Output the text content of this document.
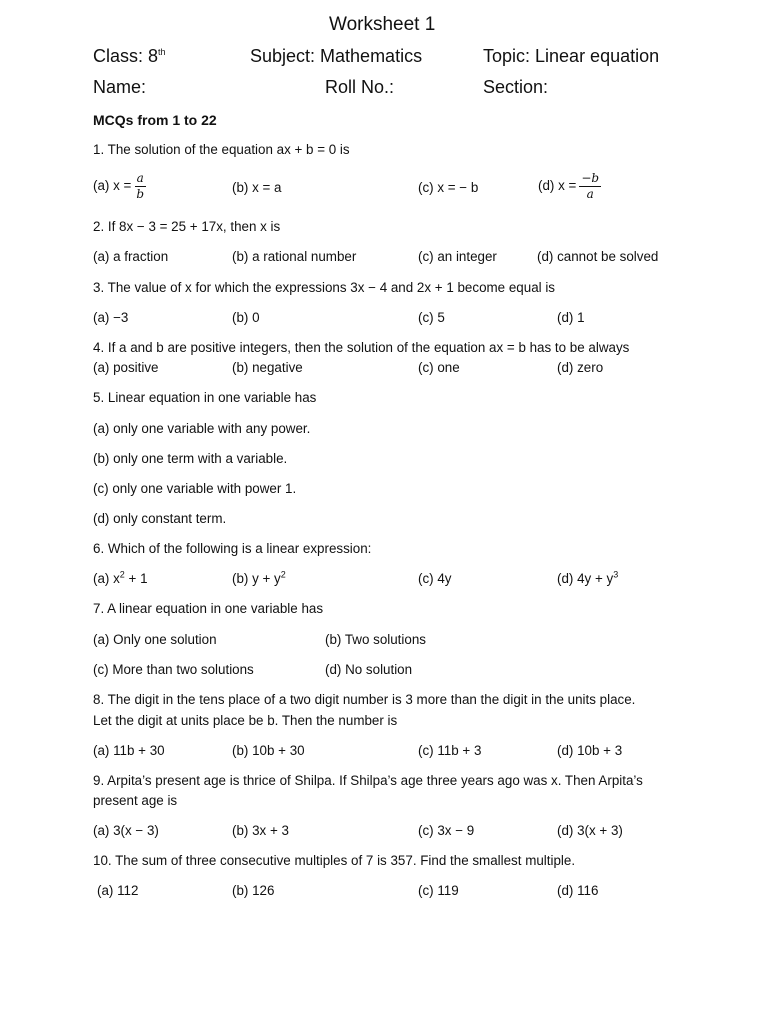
Worksheet 1
Class: 8th	Subject: Mathematics	Topic: Linear equation
Name:	Roll No.:	Section:
MCQs from 1 to 22
1. The solution of the equation ax + b = 0 is
(a) $x = \frac{a}{b}$	(b) x = a	(c) x = − b	(d) $x = \frac{-b}{a}$
2. If 8x − 3 = 25 + 17x, then x is
(a) a fraction	(b) a rational number	(c) an integer	(d) cannot be solved
3. The value of x for which the expressions 3x − 4 and 2x + 1 become equal is
(a) −3	(b) 0	(c) 5	(d) 1
4. If a and b are positive integers, then the solution of the equation ax = b has to be always
(a) positive	(b) negative	(c) one	(d) zero
5. Linear equation in one variable has
(a) only one variable with any power.
(b) only one term with a variable.
(c) only one variable with power 1.
(d) only constant term.
6. Which of the following is a linear expression:
(a) $x^2 + 1$	(b) $y + y^2$	(c) 4y	(d) $4y + y^3$
7. A linear equation in one variable has
(a) Only one solution	(b) Two solutions
(c) More than two solutions	(d) No solution
8. The digit in the tens place of a two digit number is 3 more than the digit in the units place.
Let the digit at units place be b. Then the number is
(a) 11b + 30	(b) 10b + 30	(c) 11b + 3	(d) 10b + 3
9. Arpita’s present age is thrice of Shilpa. If Shilpa’s age three years ago was x. Then Arpita’s
present age is
(a) 3(x − 3)	(b) 3x + 3	(c) 3x − 9	(d) 3(x + 3)
10. The sum of three consecutive multiples of 7 is 357. Find the smallest multiple.
(a) 112	(b) 126	(c) 119	(d) 116
